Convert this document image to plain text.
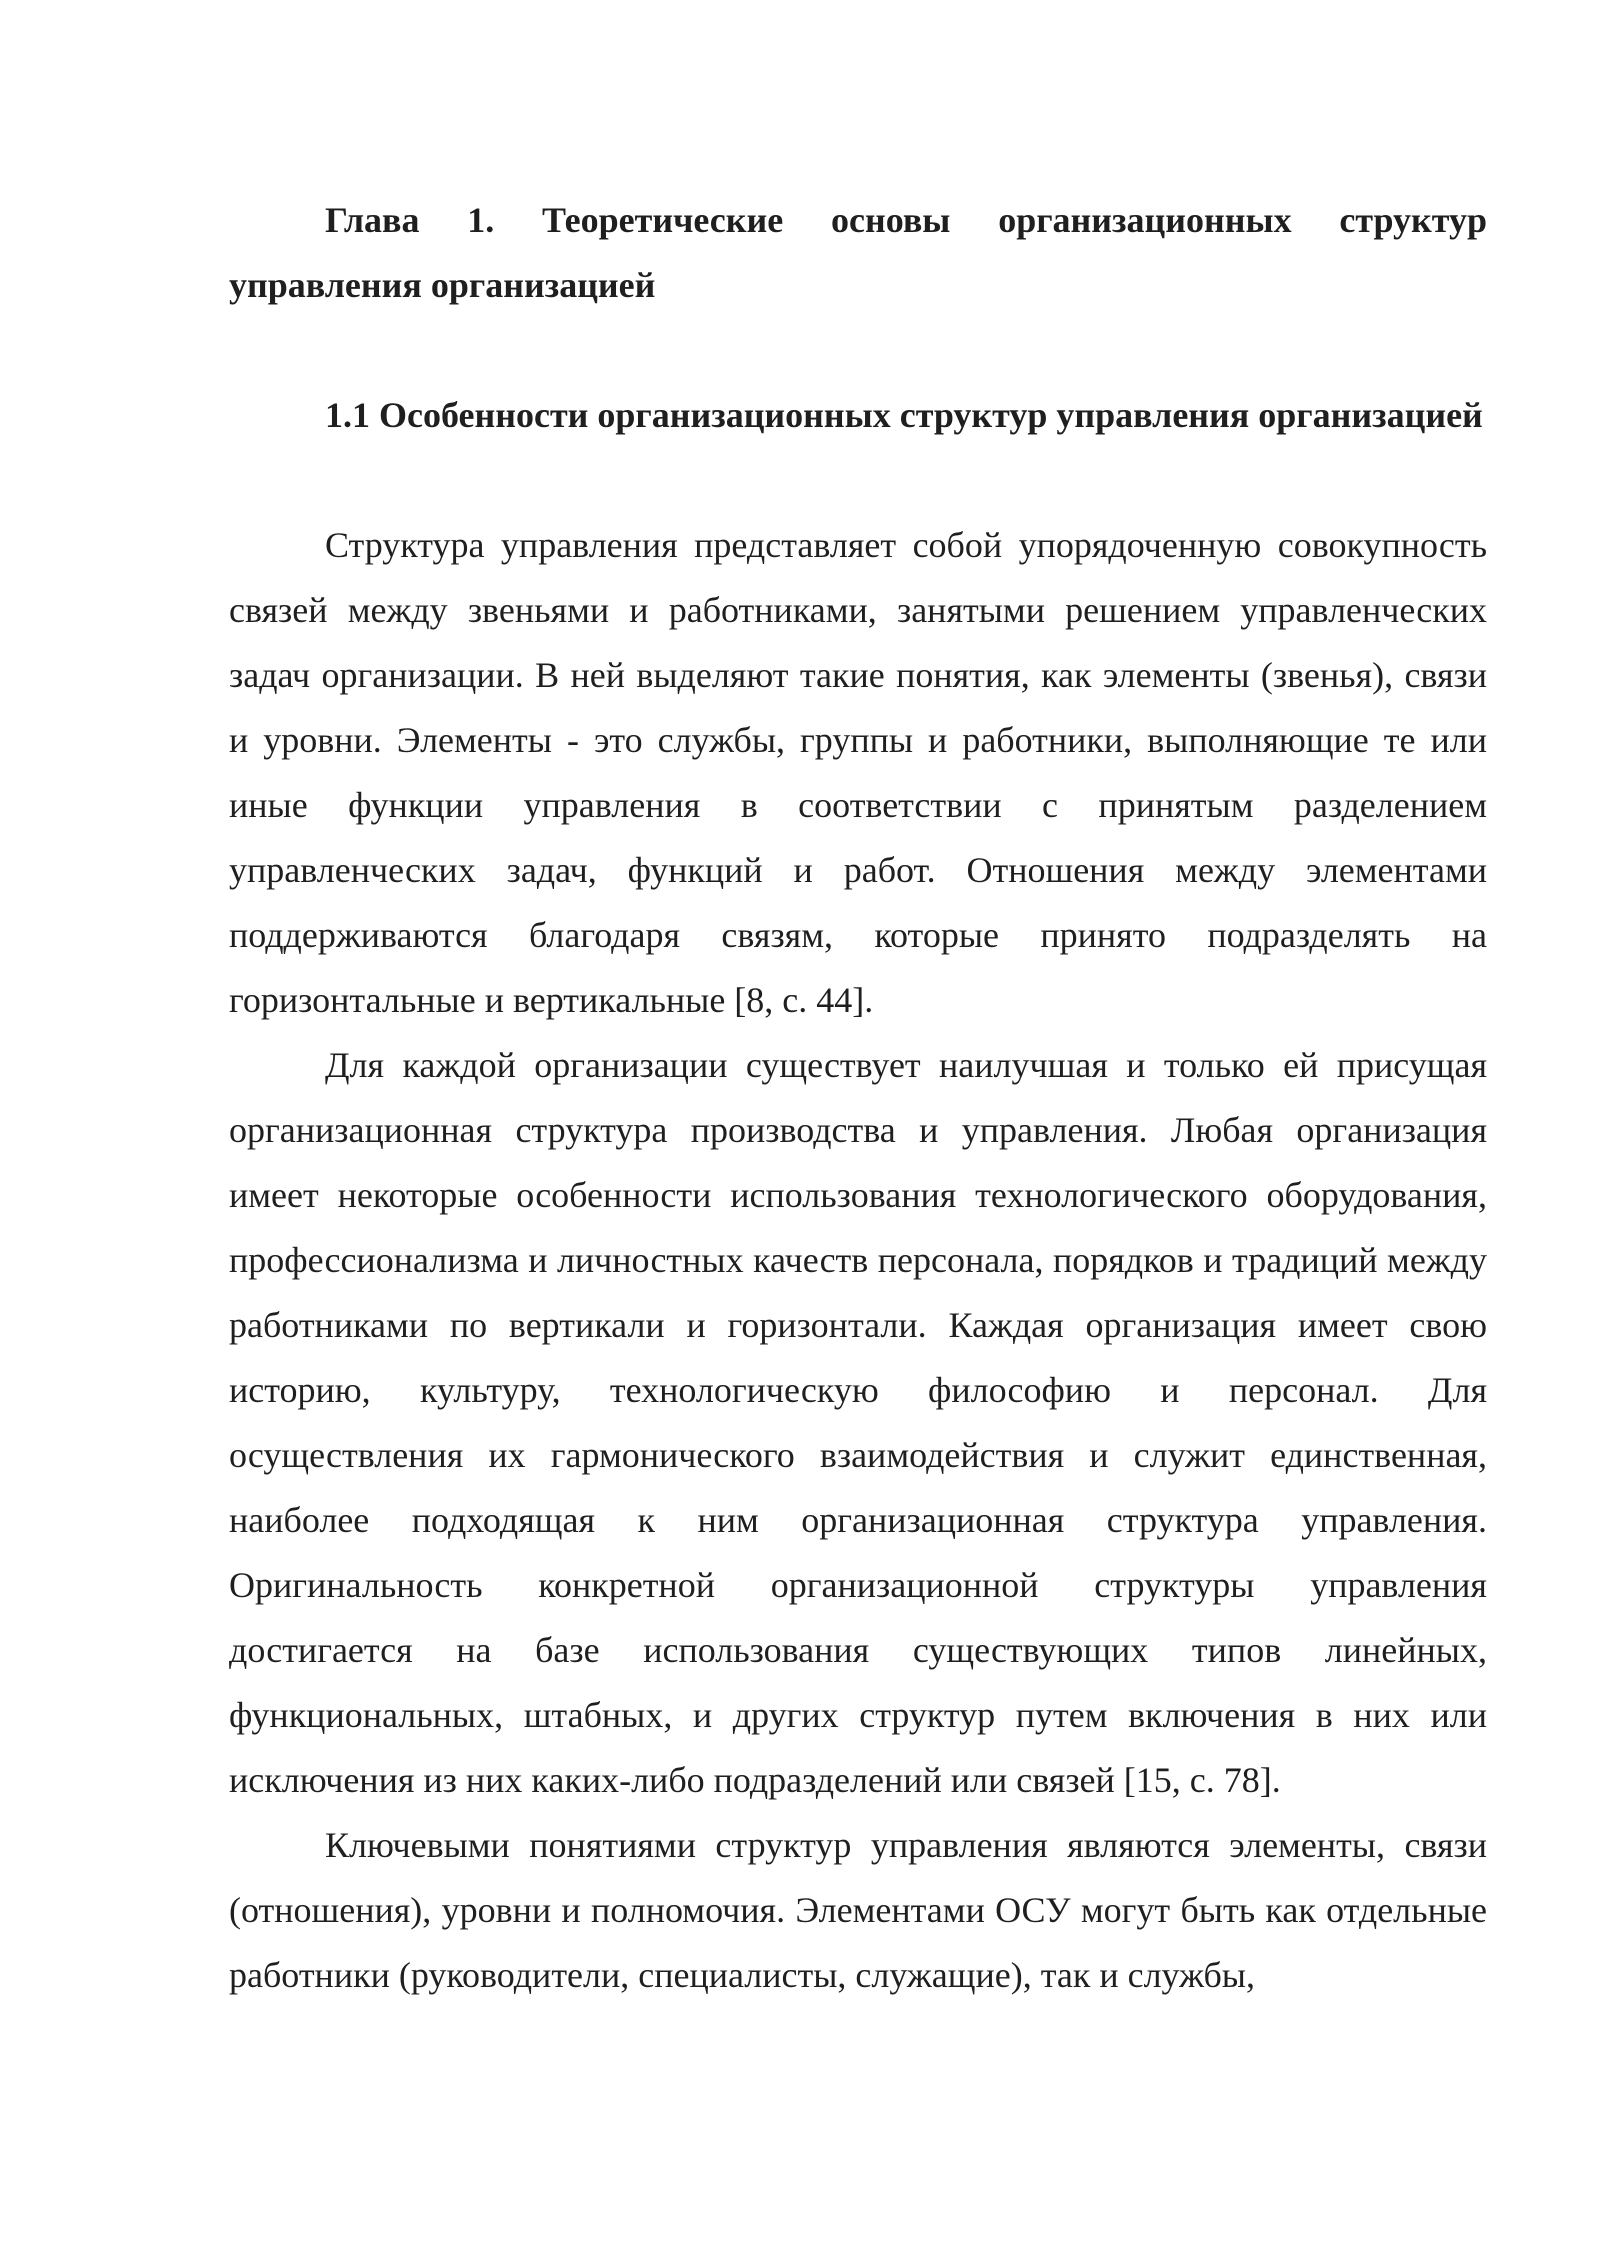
Глава 1. Теоретические основы организационных структур управления организацией

1.1 Особенности организационных структур управления организацией

Структура управления представляет собой упорядоченную совокупность связей между звеньями и работниками, занятыми решением управленческих задач организации. В ней выделяют такие понятия, как элементы (звенья), связи и уровни. Элементы - это службы, группы и работники, выполняющие те или иные функции управления в соответствии с принятым разделением управленческих задач, функций и работ. Отношения между элементами поддерживаются благодаря связям, которые принято подразделять на горизонтальные и вертикальные [8, с. 44].

Для каждой организации существует наилучшая и только ей присущая организационная структура производства и управления. Любая организация имеет некоторые особенности использования технологического оборудования, профессионализма и личностных качеств персонала, порядков и традиций между работниками по вертикали и горизонтали. Каждая организация имеет свою историю, культуру, технологическую философию и персонал. Для осуществления их гармонического взаимодействия и служит единственная, наиболее подходящая к ним организационная структура управления. Оригинальность конкретной организационной структуры управления достигается на базе использования существующих типов линейных, функциональных, штабных, и других структур путем включения в них или исключения из них каких-либо подразделений или связей [15, с. 78].

Ключевыми понятиями структур управления являются элементы, связи (отношения), уровни и полномочия. Элементами ОСУ могут быть как отдельные работники (руководители, специалисты, служащие), так и службы,
